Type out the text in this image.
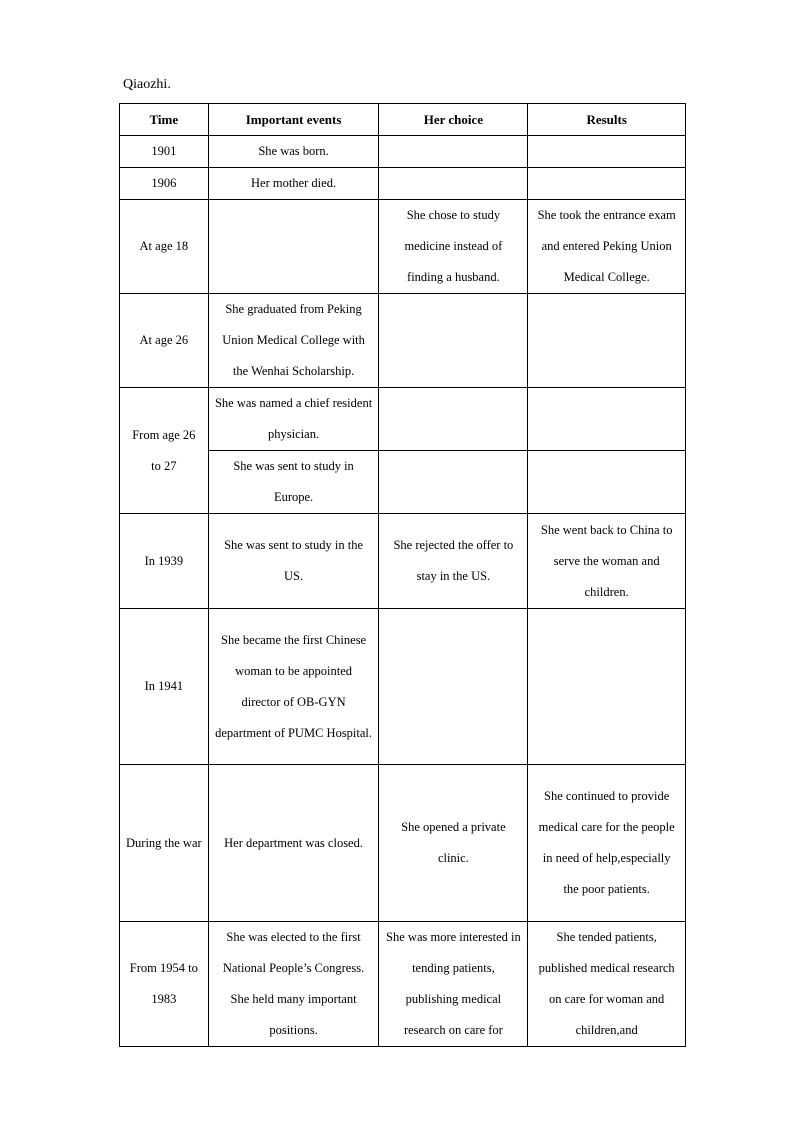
Qiaozhi.
Time	Important events	Her choice	Results
1901	She was born.		
1906	Her mother died.		
At age 18		She chose to study medicine instead of finding a husband.	She took the entrance exam and entered Peking Union Medical College.
At age 26	She graduated from Peking Union Medical College with the Wenhai Scholarship.		
From age 26 to 27	She was named a chief resident physician.		
	She was sent to study in Europe.		
In 1939	She was sent to study in the US.	She rejected the offer to stay in the US.	She went back to China to serve the woman and children.
In 1941	She became the first Chinese woman to be appointed director of OB-GYN department of PUMC Hospital.		
During the war	Her department was closed.	She opened a private clinic.	She continued to provide medical care for the people in need of help,especially the poor patients.
From 1954 to 1983	She was elected to the first National People’s Congress. She held many important positions.	She was more interested in tending patients, publishing medical research on care for	She tended patients, published medical research on care for woman and children,and
